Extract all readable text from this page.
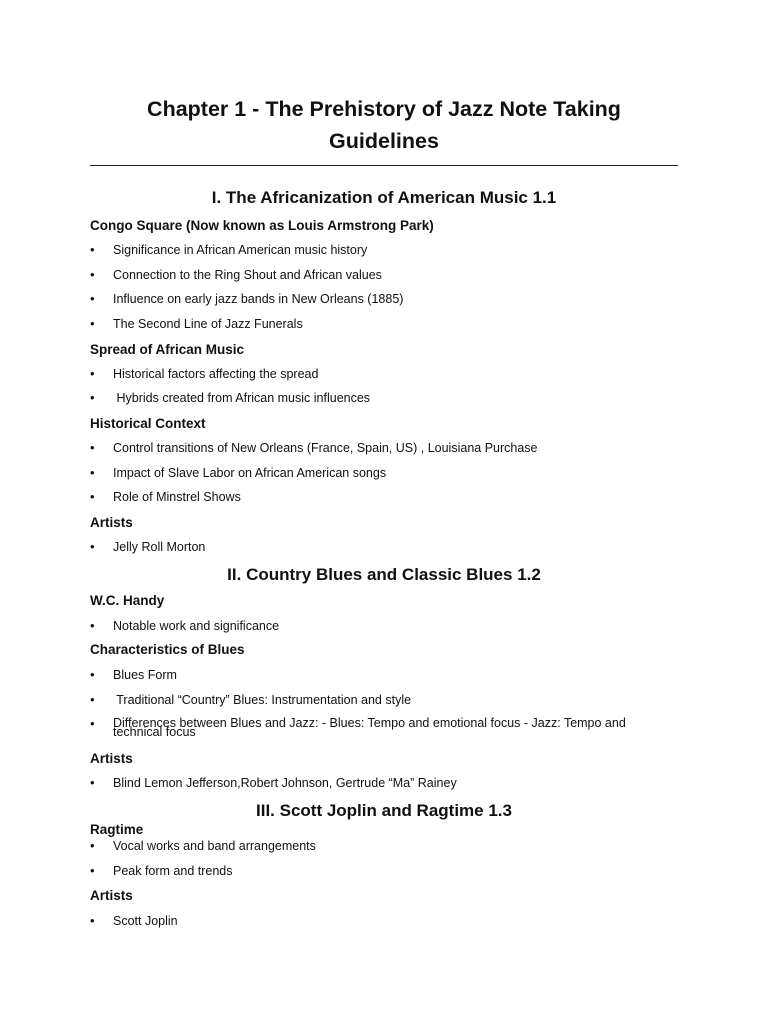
Chapter 1 - The Prehistory of Jazz Note Taking Guidelines
I. The Africanization of American Music 1.1
Congo Square (Now known as Louis Armstrong Park)
• Significance in African American music history
• Connection to the Ring Shout and African values
• Influence on early jazz bands in New Orleans (1885)
• The Second Line of Jazz Funerals
Spread of African Music
• Historical factors affecting the spread
• Hybrids created from African music influences
Historical Context
• Control transitions of New Orleans (France, Spain, US) , Louisiana Purchase
• Impact of Slave Labor on African American songs
• Role of Minstrel Shows
Artists
• Jelly Roll Morton
II. Country Blues and Classic Blues 1.2
W.C. Handy
• Notable work and significance
Characteristics of Blues
• Blues Form
• Traditional “Country” Blues: Instrumentation and style
• Differences between Blues and Jazz: - Blues: Tempo and emotional focus - Jazz: Tempo and technical focus
Artists
• Blind Lemon Jefferson,Robert Johnson, Gertrude “Ma” Rainey
III. Scott Joplin and Ragtime 1.3
Ragtime
• Vocal works and band arrangements
• Peak form and trends
Artists
• Scott Joplin
